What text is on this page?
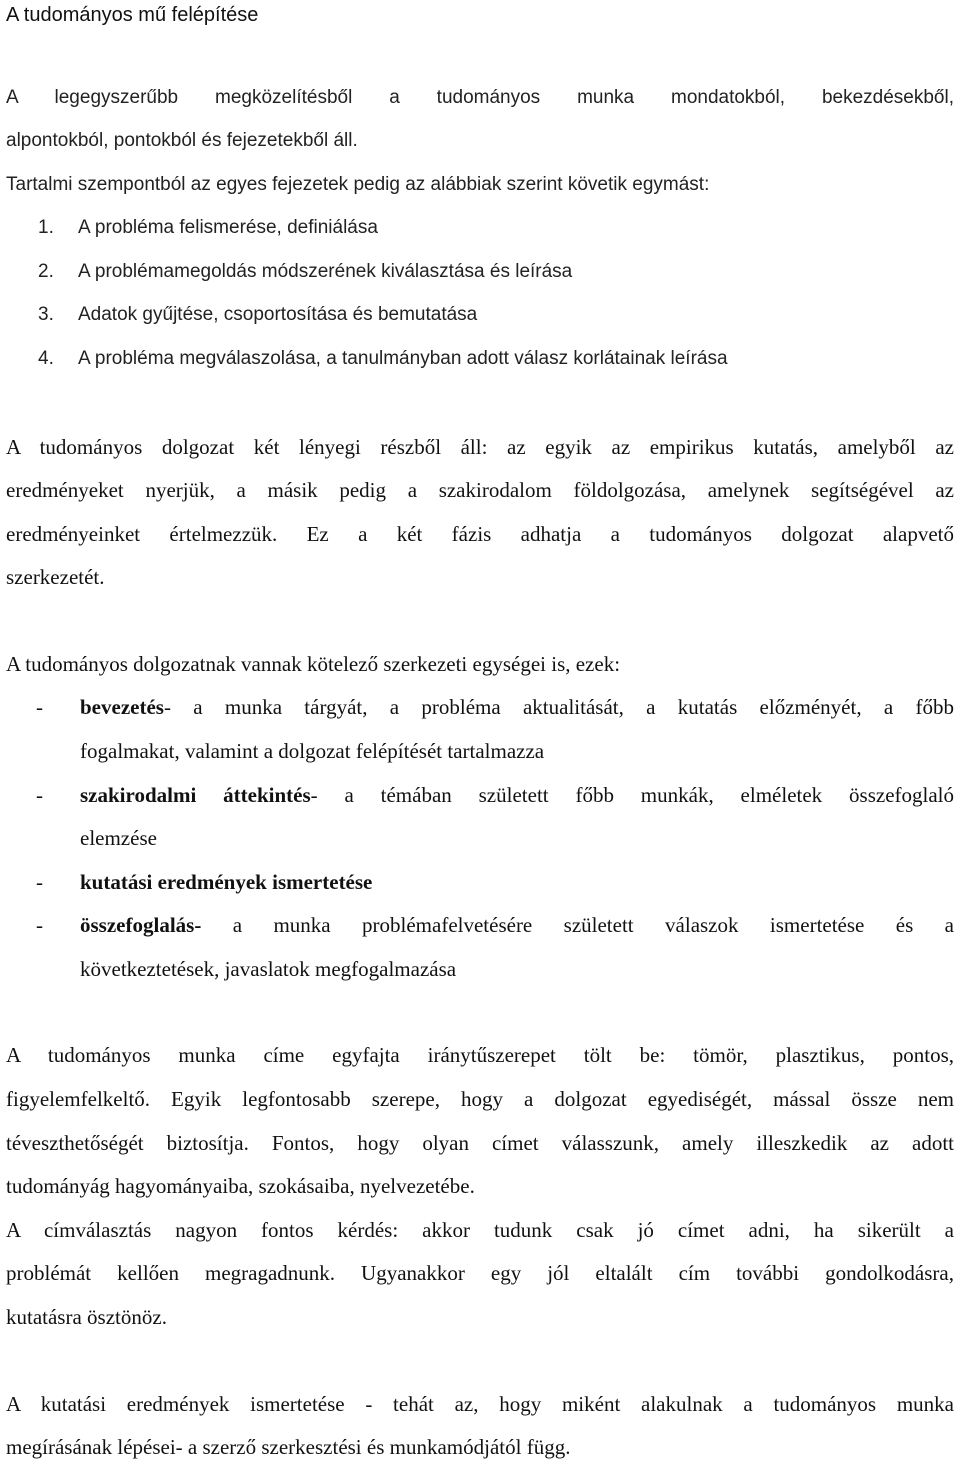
A tudományos mű felépítése
A legegyszerűbb megközelítésből a tudományos munka mondatokból, bekezdésekből,
alpontokból, pontokból és fejezetekből áll.
Tartalmi szempontból az egyes fejezetek pedig az alábbiak szerint követik egymást:
1. A probléma felismerése, definiálása
2. A problémamegoldás módszerének kiválasztása és leírása
3. Adatok gyűjtése, csoportosítása és bemutatása
4. A probléma megválaszolása, a tanulmányban adott válasz korlátainak leírása
A tudományos dolgozat két lényegi részből áll: az egyik az empirikus kutatás, amelyből az
eredményeket nyerjük, a másik pedig a szakirodalom földolgozása, amelynek segítségével az
eredményeinket értelmezzük. Ez a két fázis adhatja a tudományos dolgozat alapvető
szerkezetét.
A tudományos dolgozatnak vannak kötelező szerkezeti egységei is, ezek:
- bevezetés- a munka tárgyát, a probléma aktualitását, a kutatás előzményét, a főbb
fogalmakat, valamint a dolgozat felépítését tartalmazza
- szakirodalmi áttekintés- a témában született főbb munkák, elméletek összefoglaló
elemzése
- kutatási eredmények ismertetése
- összefoglalás- a munka problémafelvetésére született válaszok ismertetése és a
következtetések, javaslatok megfogalmazása
A tudományos munka címe egyfajta iránytűszerepet tölt be: tömör, plasztikus, pontos,
figyelemfelkeltő. Egyik legfontosabb szerepe, hogy a dolgozat egyediségét, mással össze nem
téveszthetőségét biztosítja. Fontos, hogy olyan címet válasszunk, amely illeszkedik az adott
tudományág hagyományaiba, szokásaiba, nyelvezetébe.
A címválasztás nagyon fontos kérdés: akkor tudunk csak jó címet adni, ha sikerült a
problémát kellően megragadnunk. Ugyanakkor egy jól eltalált cím további gondolkodásra,
kutatásra ösztönöz.
A kutatási eredmények ismertetése - tehát az, hogy miként alakulnak a tudományos munka
megírásának lépései- a szerző szerkesztési és munkamódjától függ.
